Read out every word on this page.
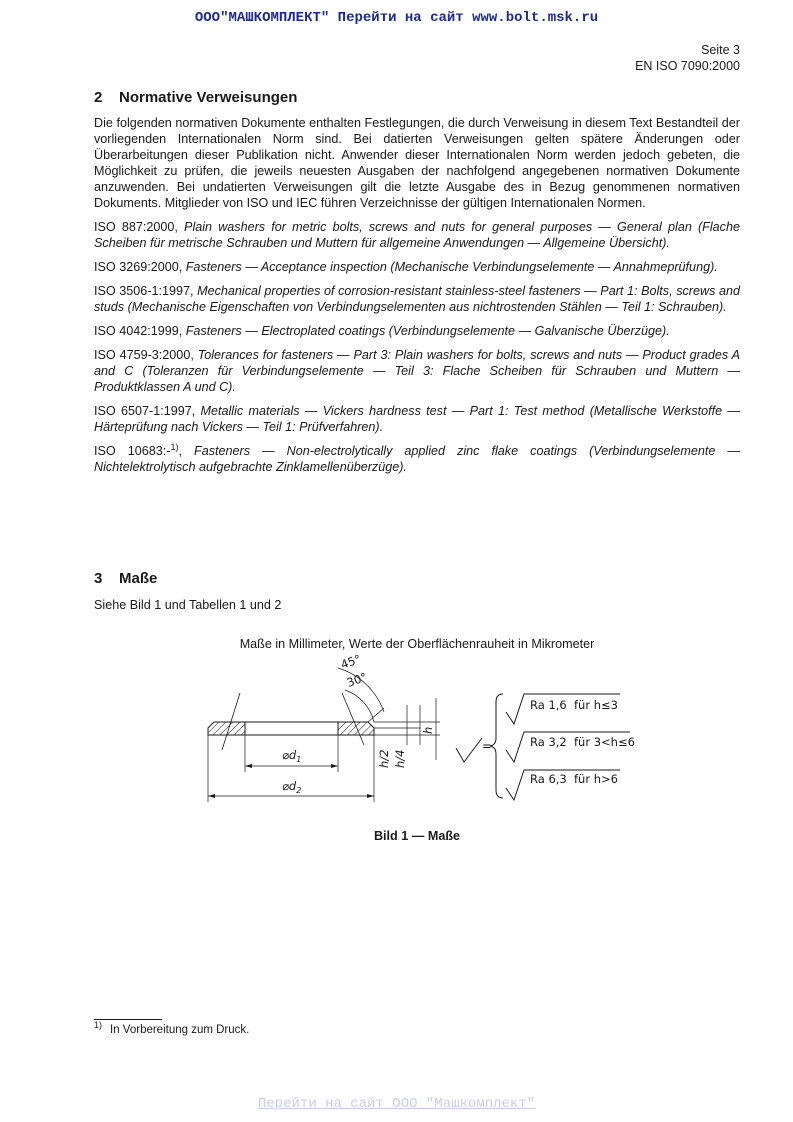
ООО"МАШКОМПЛЕКТ" Перейти на сайт www.bolt.msk.ru
Seite 3
EN ISO 7090:2000
2 Normative Verweisungen

Die folgenden normativen Dokumente enthalten Festlegungen, die durch Verweisung in diesem Text Bestandteil der vorliegenden Internationalen Norm sind. Bei datierten Verweisungen gelten spätere Änderungen oder Überarbeitungen dieser Publikation nicht. Anwender dieser Internationalen Norm werden jedoch gebeten, die Möglichkeit zu prüfen, die jeweils neuesten Ausgaben der nachfolgend angegebenen normativen Dokumente anzuwenden. Bei undatierten Verweisungen gilt die letzte Ausgabe des in Bezug genommenen normativen Dokuments. Mitglieder von ISO und IEC führen Verzeichnisse der gültigen Internationalen Normen.

ISO 887:2000, Plain washers for metric bolts, screws and nuts for general purposes — General plan (Flache Scheiben für metrische Schrauben und Muttern für allgemeine Anwendungen — Allgemeine Übersicht).

ISO 3269:2000, Fasteners — Acceptance inspection (Mechanische Verbindungselemente — Annahmeprüfung).

ISO 3506-1:1997, Mechanical properties of corrosion-resistant stainless-steel fasteners — Part 1: Bolts, screws and studs (Mechanische Eigenschaften von Verbindungselementen aus nichtrostenden Stählen — Teil 1: Schrauben).

ISO 4042:1999, Fasteners — Electroplated coatings (Verbindungselemente — Galvanische Überzüge).

ISO 4759-3:2000, Tolerances for fasteners — Part 3: Plain washers for bolts, screws and nuts — Product grades A and C (Toleranzen für Verbindungselemente — Teil 3: Flache Scheiben für Schrauben und Muttern — Produktklassen A und C).

ISO 6507-1:1997, Metallic materials — Vickers hardness test — Part 1: Test method (Metallische Werkstoffe — Härteprüfung nach Vickers — Teil 1: Prüfverfahren).

ISO 10683:-$^{1)}$, Fasteners — Non-electrolytically applied zinc flake coatings (Verbindungselemente — Nichtelektrolytisch aufgebrachte Zinklamellenüberzüge).

3 Maße

Siehe Bild 1 und Tabellen 1 und 2

Maße in Millimeter, Werte der Oberflächenrauheit in Mikrometer
45°
30°
$⌀d_1$
$⌀d_2$
h
h/2 h/4
=
Ra 1,6 für h≤3
Ra 3,2 für 3<h≤6
Ra 6,3 für h>6
Bild 1 — Maße
$^{1)}$ In Vorbereitung zum Druck.
Перейти на сайт ООО "Машкомплект"
